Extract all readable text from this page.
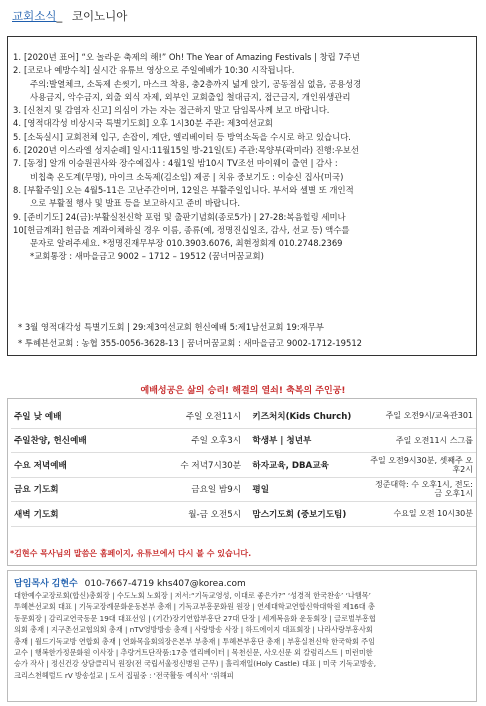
교회소식_ 코이노니아
1. [2020년 표어] “오 놀라운 축제의 해!” Oh! The Year of Amazing Festivals | 창립 7주년
2. [코로나 예방수칙] 실시간 유튜브 영상으로 주일예배가 10:30 시작됩니다.
주의:발열체크, 소독제 손씻기, 마스크 착용, 충2층까지 넓게 앉기, 공동점심 없음, 공용성경
사용금지, 악수금지, 외출 외식 자제, 외부인 교회출입 철대금지, 접근금지, 개인위생관리
3. [신천지 및 감염자 신고] 의심이 가는 자는 접근하지 말고 담임목사께 보고 바랍니다.
4. [영적대각성 비상시국 특별기도회] 오후 1시30분 주관: 제3여선교회
5. [소독실시] 교회전체 입구, 손잡이, 계단, 엘리베이터 등 방역소독을 수시로 하고 있습니다.
6. [2020년 이스라엘 성지순례] 일시:11월15일 방-21일(토) 주관:목양부(곽미라) 진행:우보선
7. [동정] 알개 이승원권사와 장수예집사 : 4월1일 밤10시 TV조선 마이웨이 출연 | 감사 :
비칩축 온도계(무명), 마이크 소독제(김소임) 제공 | 치유 중보기도 : 이승신 집사(미국)
8. [부활주일] 오는 4월5-11은 고난주간이며, 12일은 부활주일입니다. 부서와 셀별 또 개인적
으로 부활절 행사 및 발표 등을 보고하시고 준비 바랍니다.
9. [준비기도] 24(금):부활실천신학 포럼 및 출판기념회(종로5가) | 27-28:복음힐링 세미나
10.
[헌금계좌] 헌금을 계좌이체하실 경우 이름, 종류(예, 정명진십일조, 감사, 선교 등) 액수를
문자로 알려주세요. *정명진재무부장 010.3903.6076, 최현정회계 010.2748.2369
*교회통장 : 새마을금고 9002 – 1712 – 19512 (꿈너머꿈교회)
* 3월 영적대각성 특별기도회 | 29:제3여선교회 헌신예배 5:제1남선교회 19:재무부
* 투혜븐선교회 : 농협 355-0056-3628-13 | 꿈너머꿈교회 : 새마을금고 9002-1712-19512
예배성공은 삶의 승리! 해결의 열쇠! 축복의 주인공!
주일 낮 예배	주일 오전11시		키즈처치(Kids Church)	주일 오전9시/교육관301
주일찬양, 헌신예배	주일 오후3시		학생부 | 청년부	주일 오전11시 스그룹
수요 저녁예배	수 저녁7시30분		하자교육, DBA교육	주일 오전9시30분, 셋째주 오후2시
금요 기도회	금요일 밤9시		평일	정준대학: 수 오후1시, 전도: 금 오후1시
새벽 기도회	월-금 오전5시		맘스기도회 (중보기도팀)	수요일 오전 10시30분
*김현수 목사님의 말씀은 홈페이지, 유튜브에서 다시 볼 수 있습니다.
담임목사 김현수 010-7667-4719 khs407@korea.com
대한예수교장로회(합신)총회장 | 수도노회 노회장 | 저서:“기독교영성, 이대로 좋은가?” ‘성경적 한국찬송’ ‘나햄목’
투혜븐선교회 대표 | 기독교장례문화운동본부 총재 | 기독교부흥문화원 원장 | 연세대학교연합신학대학원 제16대 총
동문회장 | 감리교연국동문 19대 대표선임 | (기간)장기연합부흥단 27대 단장 | 세계복음화 운동회장 | 글로벌부흥협
의회 총재 | 지구촌선교협의회 총재 | nTV영방방송 총재 | 사랑방송 사장 | 하드에이지 대표회장 | 나라사랑부흥사회
총재 | 월드기독교방 연합회 총재 | 연화목을회의장은본부 부총재 | 투혜븐부흥단 총재 | 부흥실천신학 한국학회 주임
교수 | 행복한가정문화원 이사장 | 추량거트단작품:17층 엘리베이터 | 목천신문, 사오신문 외 칼럼리스트 | 미런미한
승가 작사 | 정신건강 상담클리닉 원장(전 국립서울정신병원 근무) | 홀리재일(Holy Castle) 대표 | 미국 기독교방송,
크리스천헤럴드 rV 방송설교 | 도서 집필중 : '전국활동 예식서' '위해피
